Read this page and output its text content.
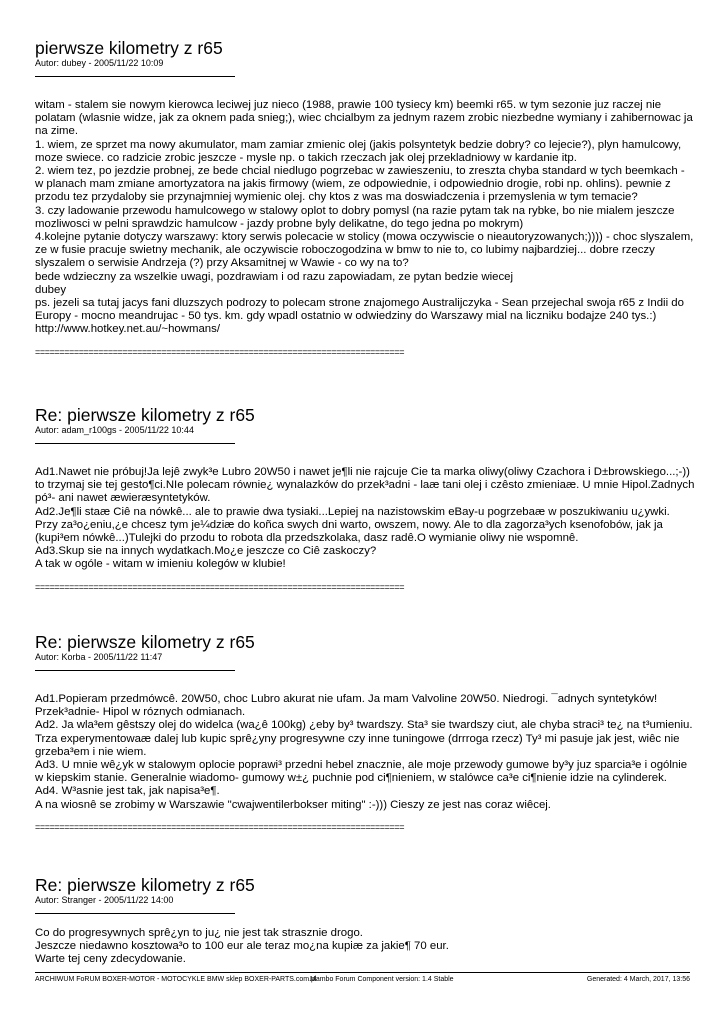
pierwsze kilometry z r65
Autor: dubey - 2005/11/22 10:09

witam - stalem sie nowym kierowca leciwej juz nieco (1988, prawie 100 tysiecy km) beemki r65. w tym sezonie juz raczej nie polatam (wlasnie widze, jak za oknem pada snieg;), wiec chcialbym za jednym razem zrobic niezbedne wymiany i zahibernowac ja na zime.

1. wiem, ze sprzet ma nowy akumulator, mam zamiar zmienic olej (jakis polsyntetyk bedzie dobry? co lejecie?), plyn hamulcowy, moze swiece. co radzicie zrobic jeszcze - mysle np. o takich rzeczach jak olej przekladniowy w kardanie itp.

2. wiem tez, po jezdzie probnej, ze bede chcial niedlugo pogrzebac w zawieszeniu, to zreszta chyba standard w tych beemkach - w planach mam zmiane amortyzatora na jakis firmowy (wiem, ze odpowiednie, i odpowiednio drogie, robi np. ohlins). pewnie z przodu tez przydaloby sie przynajmniej wymienic olej. chy ktos z was ma doswiadczenia i przemyslenia w tym temacie?

3. czy ladowanie przewodu hamulcowego w stalowy oplot to dobry pomysl (na razie pytam tak na rybke, bo nie mialem jeszcze mozliwosci w pelni sprawdzic hamulcow - jazdy probne byly delikatne, do tego jedna po mokrym)

4.kolejne pytanie dotyczy warszawy: ktory serwis polecacie w stolicy (mowa oczywiscie o nieautoryzowanych;)))) - choc slyszalem, ze w fusie pracuje swietny mechanik, ale oczywiscie roboczogodzina w bmw to nie to, co lubimy najbardziej... dobre rzeczy slyszalem o serwisie Andrzeja (?) przy Aksamitnej w Wawie - co wy na to?

bede wdzieczny za wszelkie uwagi, pozdrawiam i od razu zapowiadam, ze pytan bedzie wiecej

dubey

ps. jezeli sa tutaj jacys fani dluzszych podrozy to polecam strone znajomego Australijczyka - Sean przejechal swoja r65 z Indii do Europy - mocno meandrujac - 50 tys. km. gdy wpadl ostatnio w odwiedziny do Warszawy mial na liczniku bodajze 240 tys.:) http://www.hotkey.net.au/~howmans/

============================================================================
Re: pierwsze kilometry z r65
Autor: adam_r100gs - 2005/11/22 10:44

Ad1.Nawet nie próbuj!Ja lejê zwyk³e Lubro 20W50 i nawet je¶li nie rajcuje Cie ta marka oliwy(oliwy Czachora i D±browskiego...;-)) to trzymaj sie tej gesto¶ci.NIe polecam równie¿ wynalazków do przek³adni - laæ tani olej i czêsto zmieniaæ. U mnie Hipol.Zadnych pó³- ani nawet æwieræsyntetyków.

Ad2.Je¶li staæ Ciê na nówkê... ale to prawie dwa tysiaki...Lepiej na nazistowskim eBay-u pogrzebaæ w poszukiwaniu u¿ywki. Przy za³o¿eniu,¿e chcesz tym je¼dziæ do koñca swych dni warto, owszem, nowy. Ale to dla zagorza³ych ksenofobów, jak ja (kupi³em nówkê...)Tulejki do przodu to robota dla przedszkolaka, dasz radê.O wymianie oliwy nie wspomnê.

Ad3.Skup sie na innych wydatkach.Mo¿e jeszcze co Ciê zaskoczy?

A tak w ogóle - witam w imieniu kolegów w klubie!

============================================================================
Re: pierwsze kilometry z r65
Autor: Korba - 2005/11/22 11:47

Ad1.Popieram przedmówcê. 20W50, choc Lubro akurat nie ufam. Ja mam Valvoline 20W50. Niedrogi. ¯adnych syntetyków! Przek³adnie- Hipol w róznych odmianach.

Ad2. Ja wla³em gêstszy olej do widelca (wa¿ê 100kg) ¿eby by³ twardszy. Sta³ sie twardszy ciut, ale chyba straci³ te¿ na t³umieniu. Trza experymentowaæ dalej lub kupic sprê¿yny progresywne czy inne tuningowe (drrroga rzecz) Ty³ mi pasuje jak jest, wiêc nie grzeba³em i nie wiem.

Ad3. U mnie wê¿yk w stalowym oplocie poprawi³ przedni hebel znacznie, ale moje przewody gumowe by³y juz sparcia³e i ogólnie w kiepskim stanie. Generalnie wiadomo- gumowy w±¿ puchnie pod ci¶nieniem, w stalówce ca³e ci¶nienie idzie na cylinderek.

Ad4. W³asnie jest tak, jak napisa³e¶.

A na wiosnê se zrobimy w Warszawie "cwajwentilerbokser miting" :-))) Cieszy ze jest nas coraz wiêcej.

============================================================================
Re: pierwsze kilometry z r65
Autor: Stranger - 2005/11/22 14:00

Co do progresywnych sprê¿yn to ju¿ nie jest tak strasznie drogo.

Jeszcze niedawno kosztowa³o to 100 eur ale teraz mo¿na kupiæ za jakie¶ 70 eur.

Warte tej ceny zdecydowanie.

ARCHIWUM FoRUM BOXER-MOTOR - MOTOCYKLE BMW sklep BOXER-PARTS.com.pl
Mambo Forum Component version: 1.4 Stable	Generated: 4 March, 2017, 13:56
